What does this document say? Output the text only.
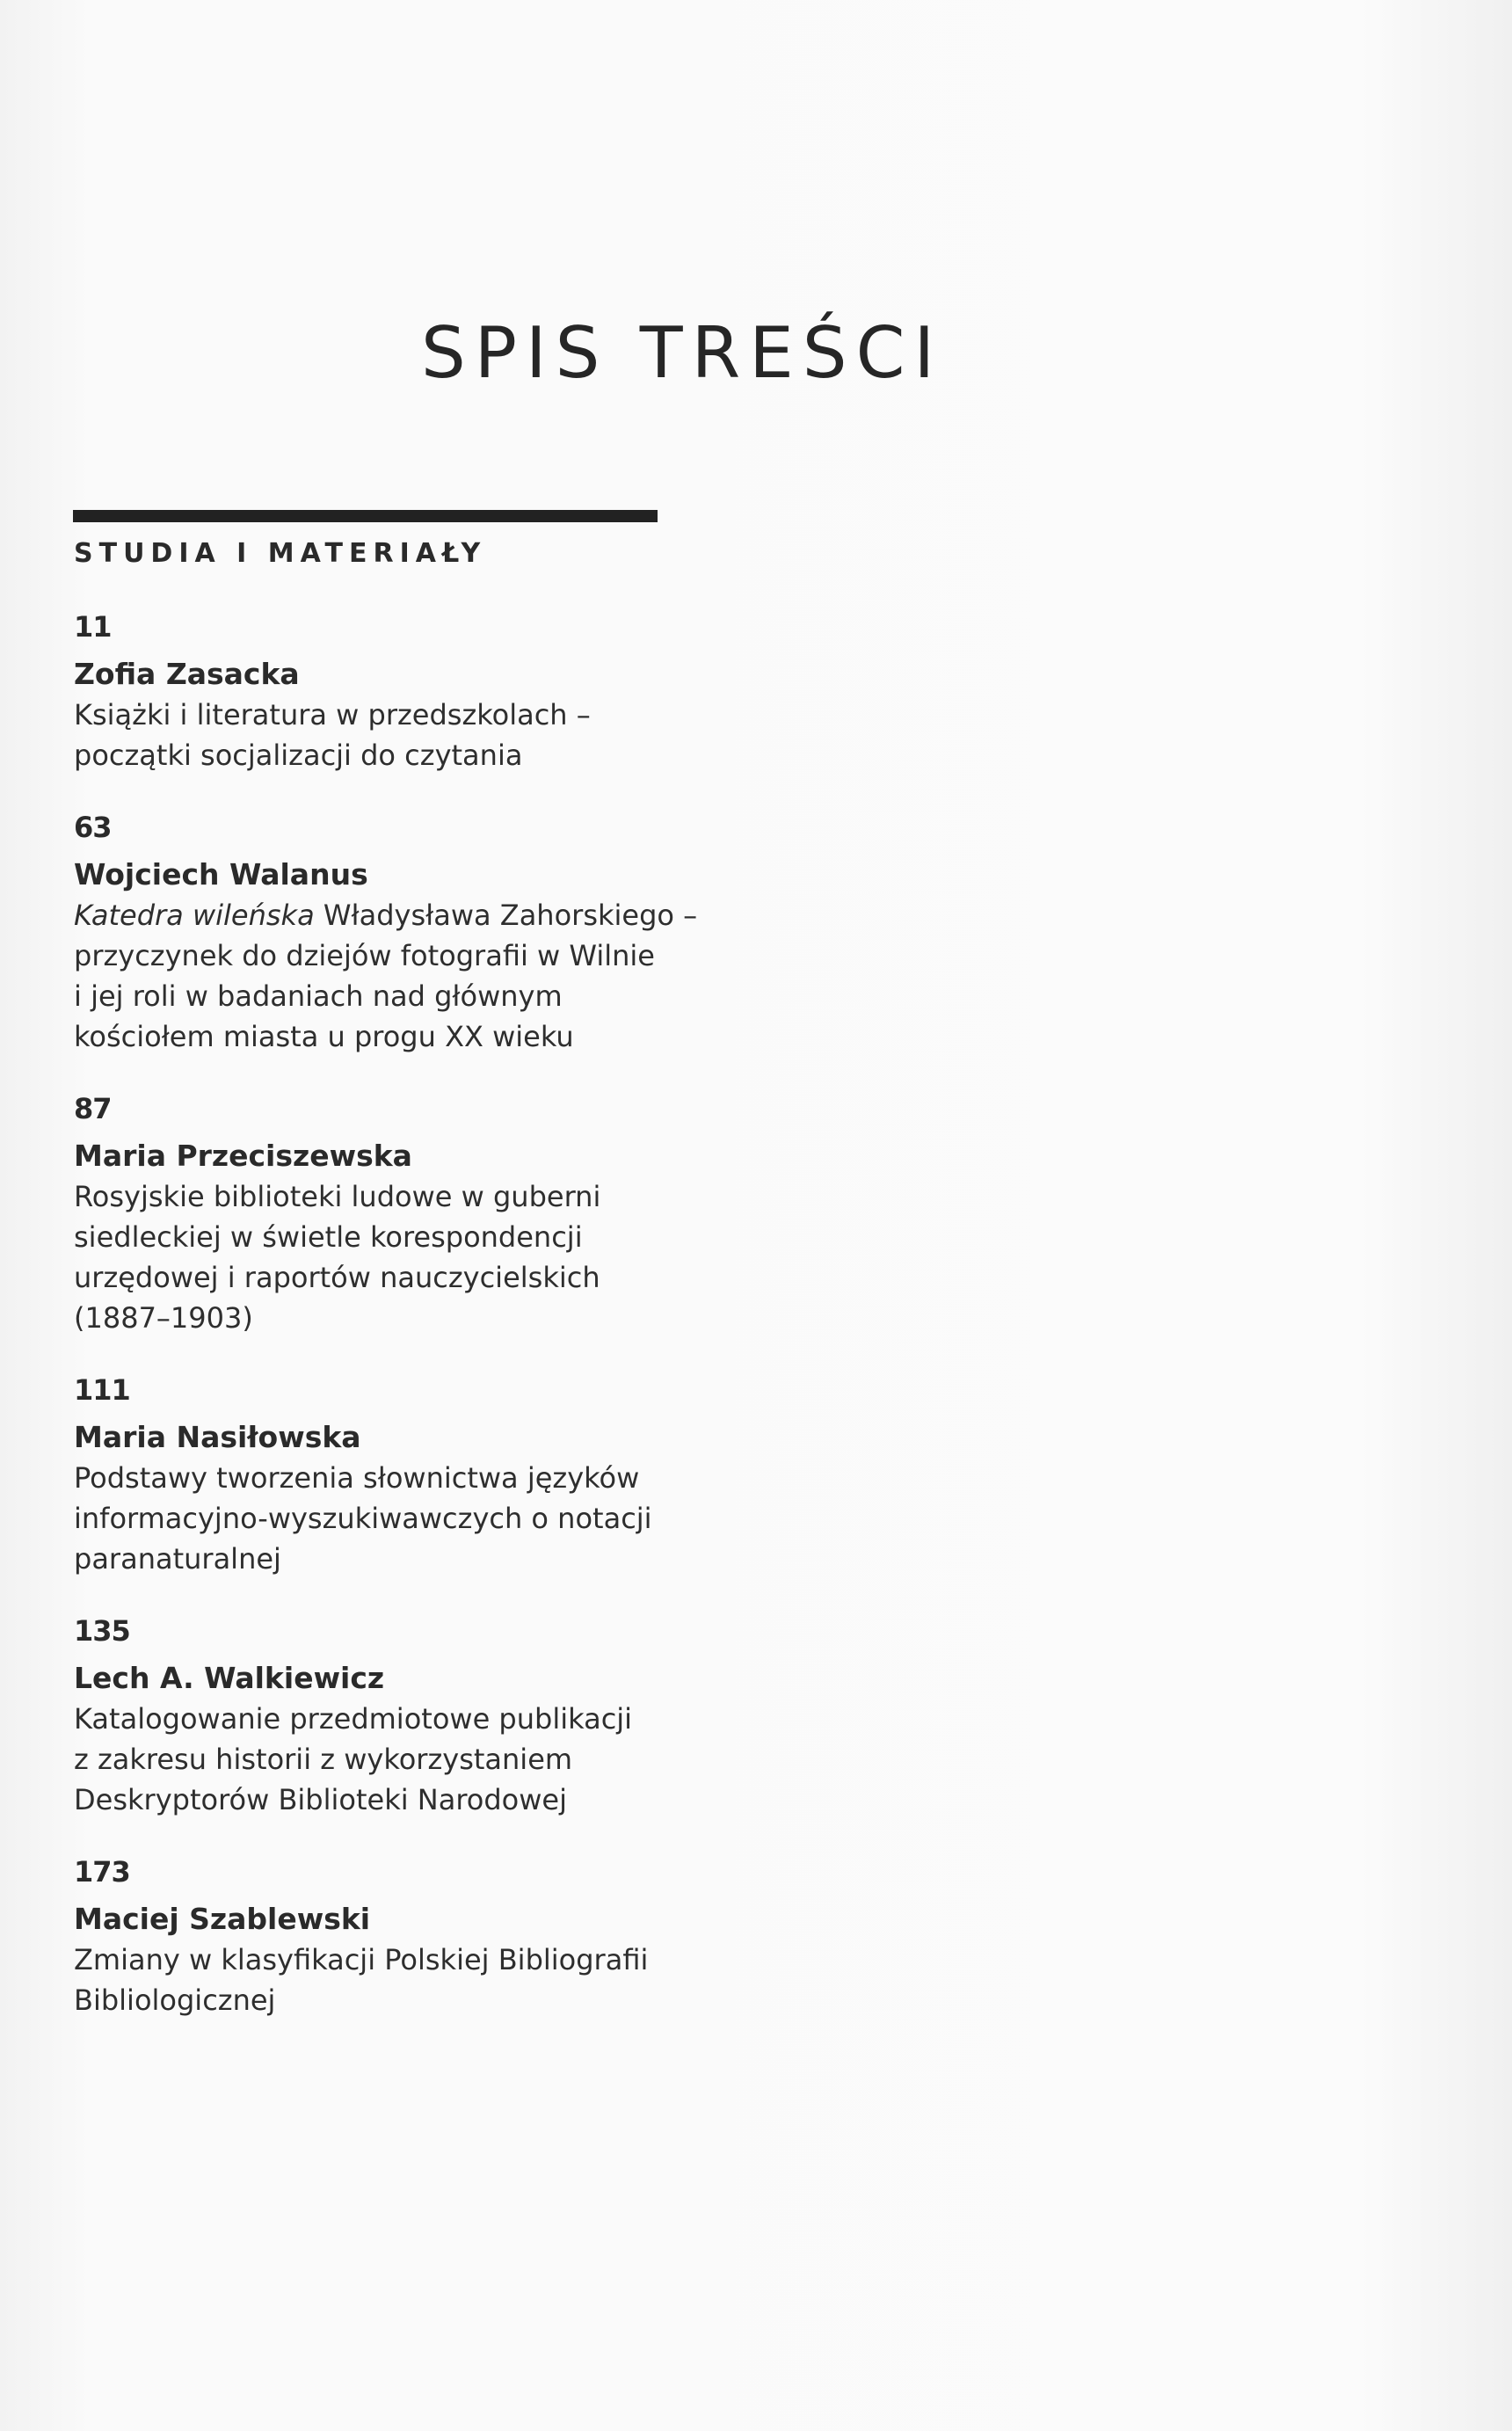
SPIS TREŚCI
STUDIA I MATERIAŁY
11
Zofia Zasacka
Książki i literatura w przedszkolach –
początki socjalizacji do czytania
63
Wojciech Walanus
Katedra wileńska Władysława Zahorskiego –
przyczynek do dziejów fotografii w Wilnie
i jej roli w badaniach nad głównym
kościołem miasta u progu XX wieku
87
Maria Przeciszewska
Rosyjskie biblioteki ludowe w guberni
siedleckiej w świetle korespondencji
urzędowej i raportów nauczycielskich
(1887–1903)
111
Maria Nasiłowska
Podstawy tworzenia słownictwa języków
informacyjno-wyszukiwawczych o notacji
paranaturalnej
135
Lech A. Walkiewicz
Katalogowanie przedmiotowe publikacji
z zakresu historii z wykorzystaniem
Deskryptorów Biblioteki Narodowej
173
Maciej Szablewski
Zmiany w klasyfikacji Polskiej Bibliografii
Bibliologicznej
